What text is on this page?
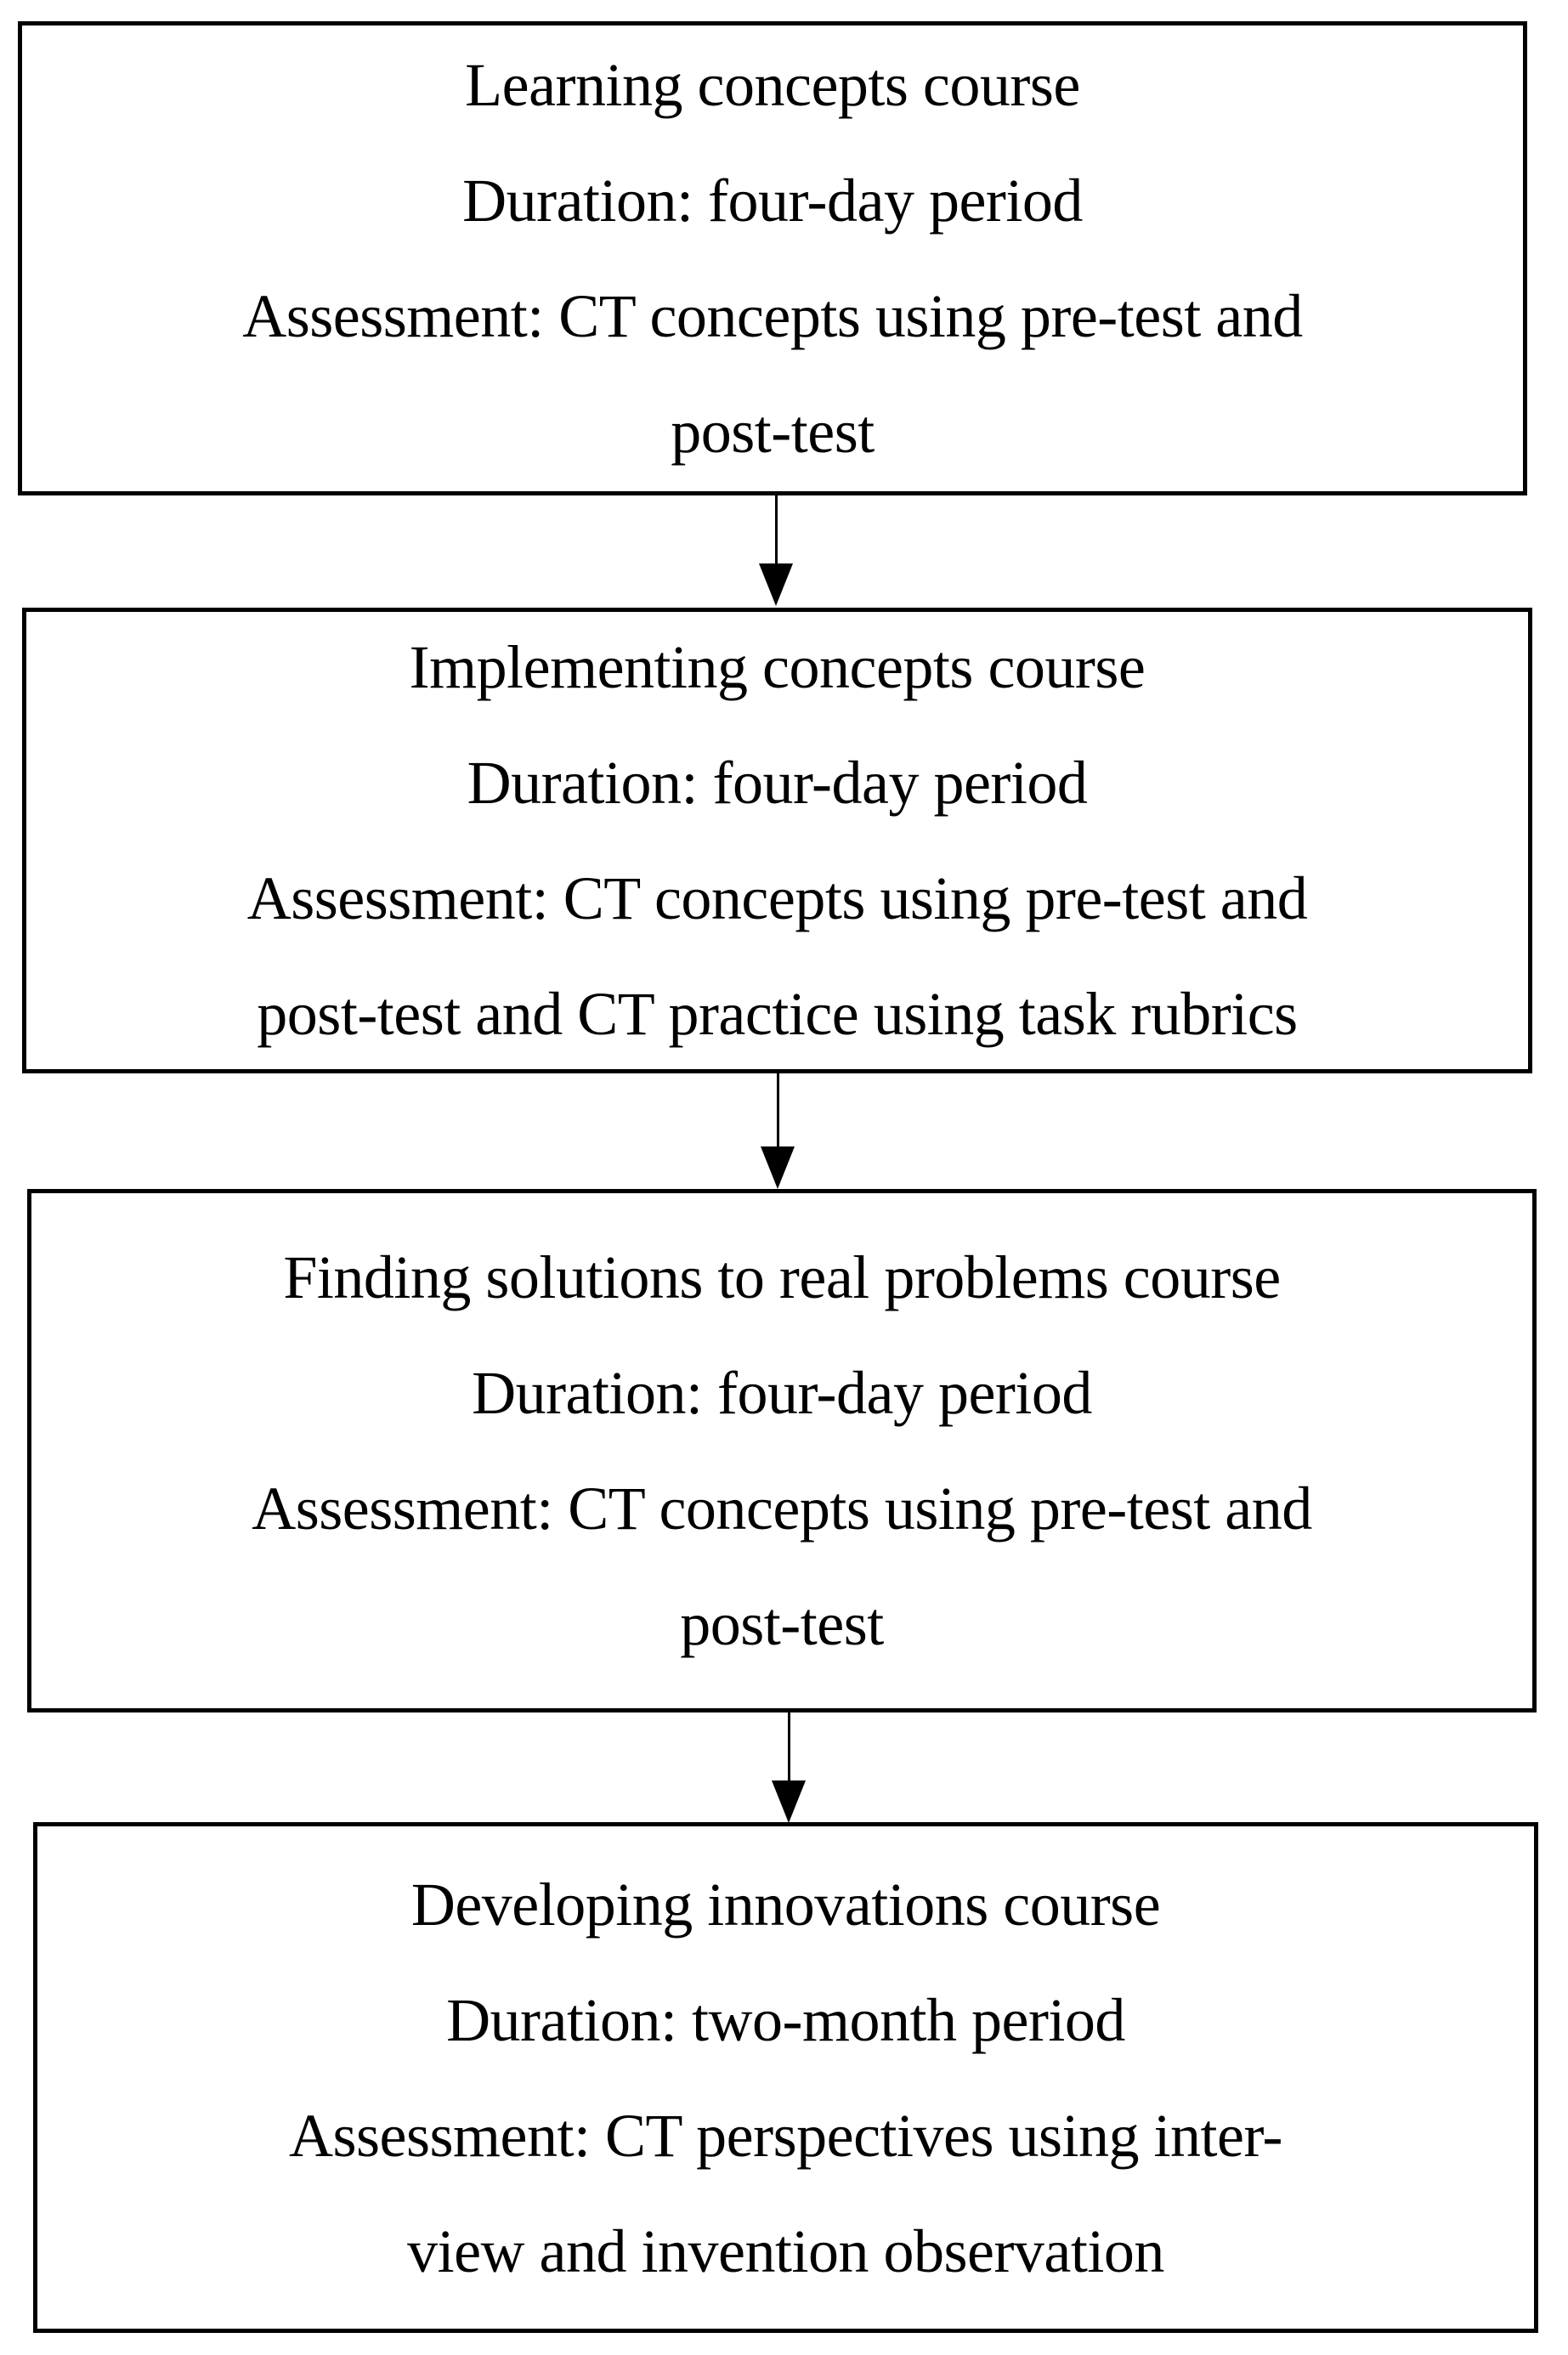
Learning concepts course
Duration: four-day period
Assessment: CT concepts using pre-test and
post-test
Implementing concepts course
Duration: four-day period
Assessment: CT concepts using pre-test and
post-test and CT practice using task rubrics
Finding solutions to real problems course
Duration: four-day period
Assessment: CT concepts using pre-test and
post-test
Developing innovations course
Duration: two-month period
Assessment: CT perspectives using inter-
view and invention observation
